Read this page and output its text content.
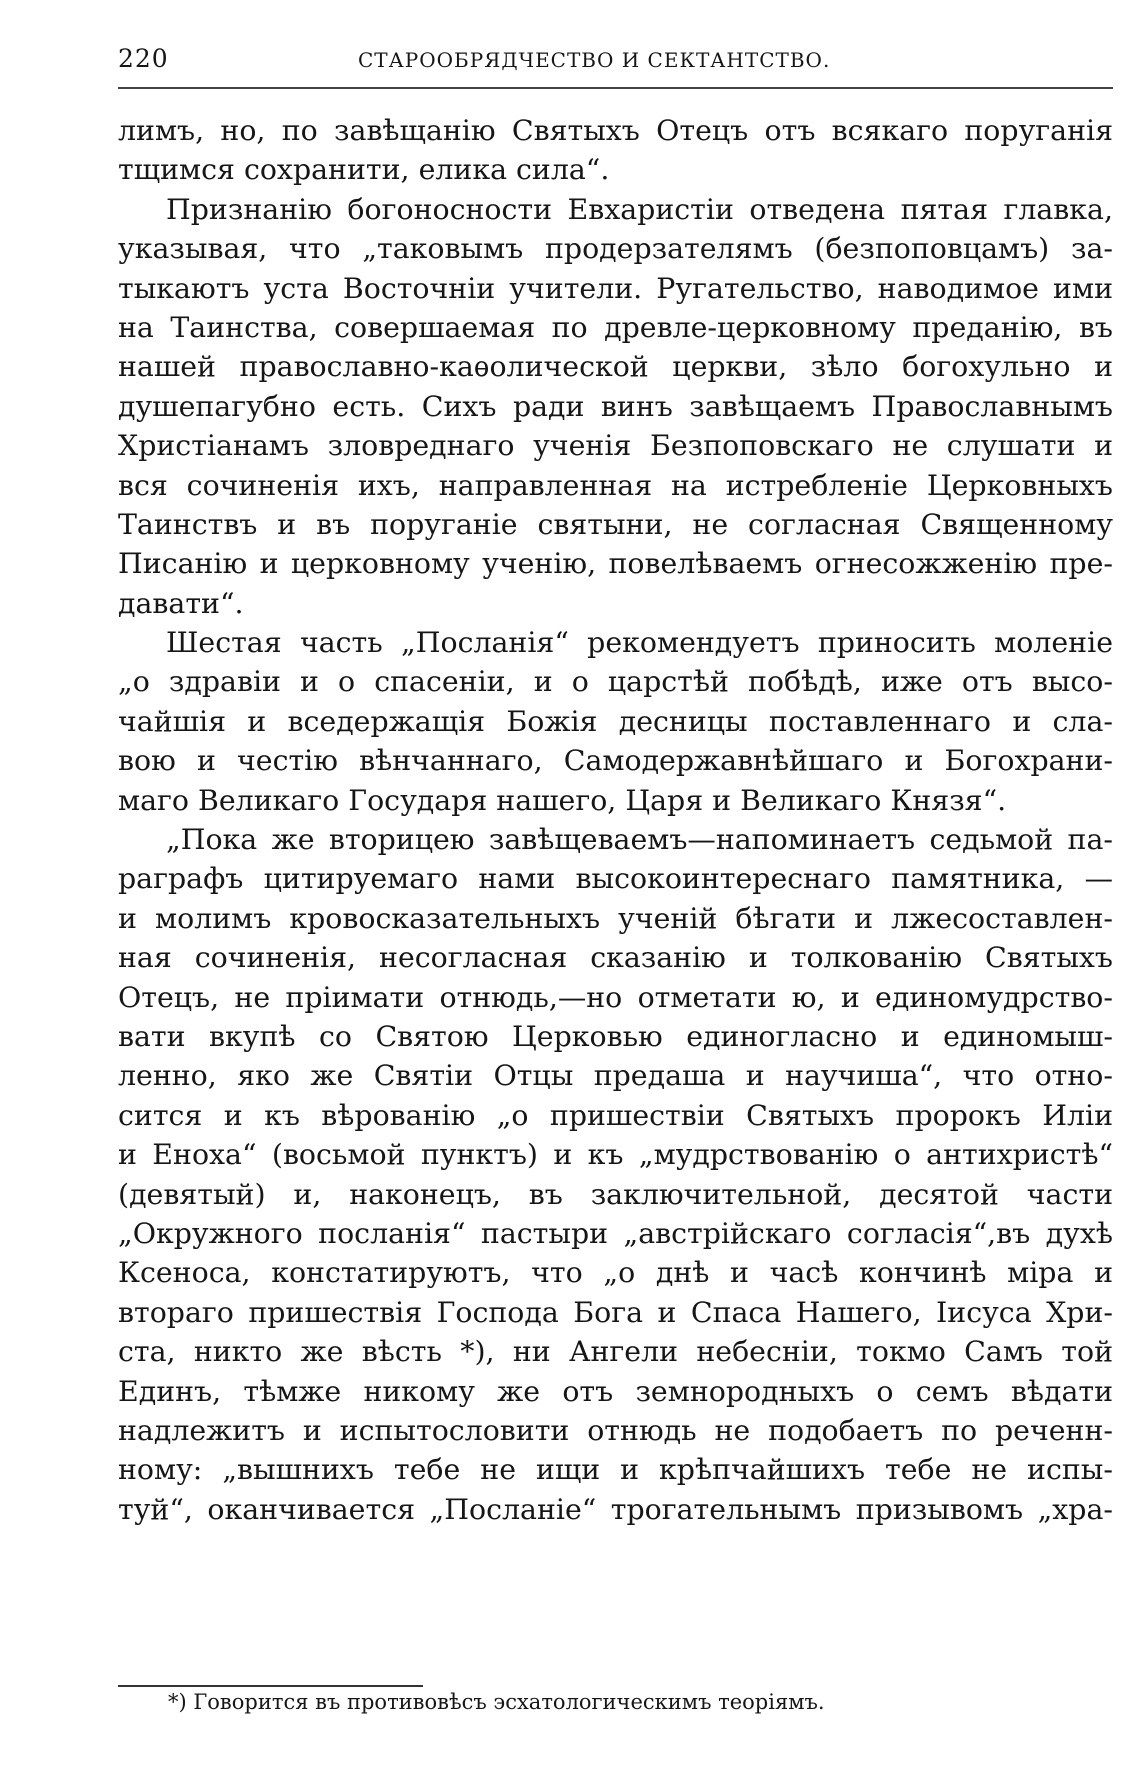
220	СТАРООБРЯДЧЕСТВО И СЕКТАНТСТВО.
лимъ, но, по завѣщанію Святыхъ Отецъ отъ всякаго поруганія
тщимся сохранити, елика сила“.
Признанію богоносности Евхаристіи отведена пятая главка,
указывая, что „таковымъ продерзателямъ (безпоповцамъ) за-
тыкаютъ уста Восточніи учители. Ругательство, наводимое ими
на Таинства, совершаемая по древле-церковному преданію, въ
нашей православно-каѳолической церкви, зѣло богохульно и
душепагубно есть. Сихъ ради винъ завѣщаемъ Православнымъ
Христіанамъ зловреднаго ученія Безпоповскаго не слушати и
вся сочиненія ихъ, направленная на истребленіе Церковныхъ
Таинствъ и въ поруганіе святыни, не согласная Священному
Писанію и церковному ученію, повелѣваемъ огнесожженію пре-
давати“.
Шестая часть „Посланія“ рекомендуетъ приносить моленіе
„о здравіи и о спасеніи, и о царстѣй побѣдѣ, иже отъ высо-
чайшія и вседержащія Божія десницы поставленнаго и сла-
вою и честію вѣнчаннаго, Самодержавнѣйшаго и Богохрани-
маго Великаго Государя нашего, Царя и Великаго Князя“.
„Пока же вторицею завѣщеваемъ—напоминаетъ седьмой па-
раграфъ цитируемаго нами высокоинтереснаго памятника, —
и молимъ кровосказательныхъ ученій бѣгати и лжесоставлен-
ная сочиненія, несогласная сказанію и толкованію Святыхъ
Отецъ, не пріимати отнюдь,—но отметати ю, и единомудрство-
вати вкупѣ со Святою Церковью единогласно и единомыш-
ленно, яко же Святіи Отцы предаша и научиша“, что отно-
сится и къ вѣрованію „о пришествіи Святыхъ пророкъ Иліи
и Еноха“ (восьмой пунктъ) и къ „мудрствованію о антихристѣ“
(девятый) и, наконецъ, въ заключительной, десятой части
„Окружного посланія“ пастыри „австрійскаго согласія“,въ духѣ
Ксеноса, констатируютъ, что „о днѣ и часѣ кончинѣ міра и
втораго пришествія Господа Бога и Спаса Нашего, Іисуса Хри-
ста, никто же вѣсть *), ни Ангели небесніи, токмо Самъ той
Единъ, тѣмже никому же отъ земнородныхъ о семъ вѣдати
надлежитъ и испытословити отнюдь не подобаетъ по реченн-
ному: „вышнихъ тебе не ищи и крѣпчайшихъ тебе не испы-
туй“, оканчивается „Посланіе“ трогательнымъ призывомъ „хра-
*) Говорится въ противовѣсъ эсхатологическимъ теоріямъ.
